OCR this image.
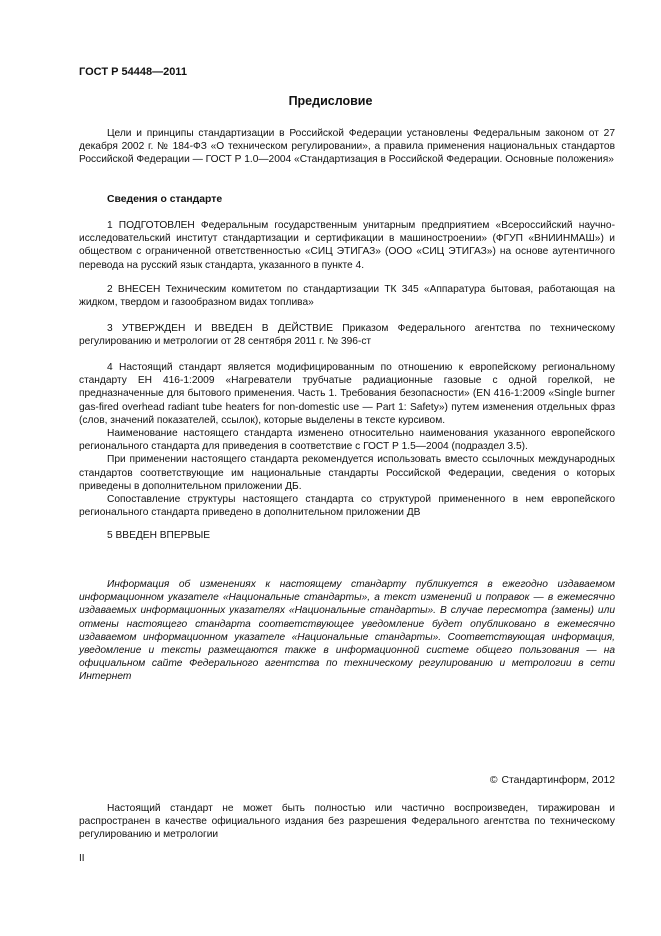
ГОСТ Р 54448—2011
Предисловие

Цели и принципы стандартизации в Российской Федерации установлены Федеральным законом от 27 декабря 2002 г. № 184-ФЗ «О техническом регулировании», а правила применения национальных стандартов Российской Федерации — ГОСТ Р 1.0—2004 «Стандартизация в Российской Федерации. Основные положения»

Сведения о стандарте

1 ПОДГОТОВЛЕН Федеральным государственным унитарным предприятием «Всероссийский научно-исследовательский институт стандартизации и сертификации в машиностроении» (ФГУП «ВНИИНМАШ») и обществом с ограниченной ответственностью «СИЦ ЭТИГАЗ» (ООО «СИЦ ЭТИГАЗ») на основе аутентичного перевода на русский язык стандарта, указанного в пункте 4.

2 ВНЕСЕН Техническим комитетом по стандартизации ТК 345 «Аппаратура бытовая, работающая на жидком, твердом и газообразном видах топлива»

3 УТВЕРЖДЕН И ВВЕДЕН В ДЕЙСТВИЕ Приказом Федерального агентства по техническому регулированию и метрологии от 28 сентября 2011 г. № 396-ст

4 Настоящий стандарт является модифицированным по отношению к европейскому региональному стандарту ЕН 416-1:2009 «Нагреватели трубчатые радиационные газовые с одной горелкой, не предназначенные для бытового применения. Часть 1. Требования безопасности» (EN 416-1:2009 «Single burner gas-fired overhead radiant tube heaters for non-domestic use — Part 1: Safety») путем изменения отдельных фраз (слов, значений показателей, ссылок), которые выделены в тексте курсивом.

Наименование настоящего стандарта изменено относительно наименования указанного европейского регионального стандарта для приведения в соответствие с ГОСТ Р 1.5—2004 (подраздел 3.5).

При применении настоящего стандарта рекомендуется использовать вместо ссылочных международных стандартов соответствующие им национальные стандарты Российской Федерации, сведения о которых приведены в дополнительном приложении ДБ.

Сопоставление структуры настоящего стандарта со структурой примененного в нем европейского регионального стандарта приведено в дополнительном приложении ДВ

5 ВВЕДЕН ВПЕРВЫЕ

Информация об изменениях к настоящему стандарту публикуется в ежегодно издаваемом информационном указателе «Национальные стандарты», а текст изменений и поправок — в ежемесячно издаваемых информационных указателях «Национальные стандарты». В случае пересмотра (замены) или отмены настоящего стандарта соответствующее уведомление будет опубликовано в ежемесячно издаваемом информационном указателе «Национальные стандарты». Соответствующая информация, уведомление и тексты размещаются также в информационной системе общего пользования — на официальном сайте Федерального агентства по техническому регулированию и метрологии в сети Интернет

© Стандартинформ, 2012

Настоящий стандарт не может быть полностью или частично воспроизведен, тиражирован и распространен в качестве официального издания без разрешения Федерального агентства по техническому регулированию и метрологии

II
